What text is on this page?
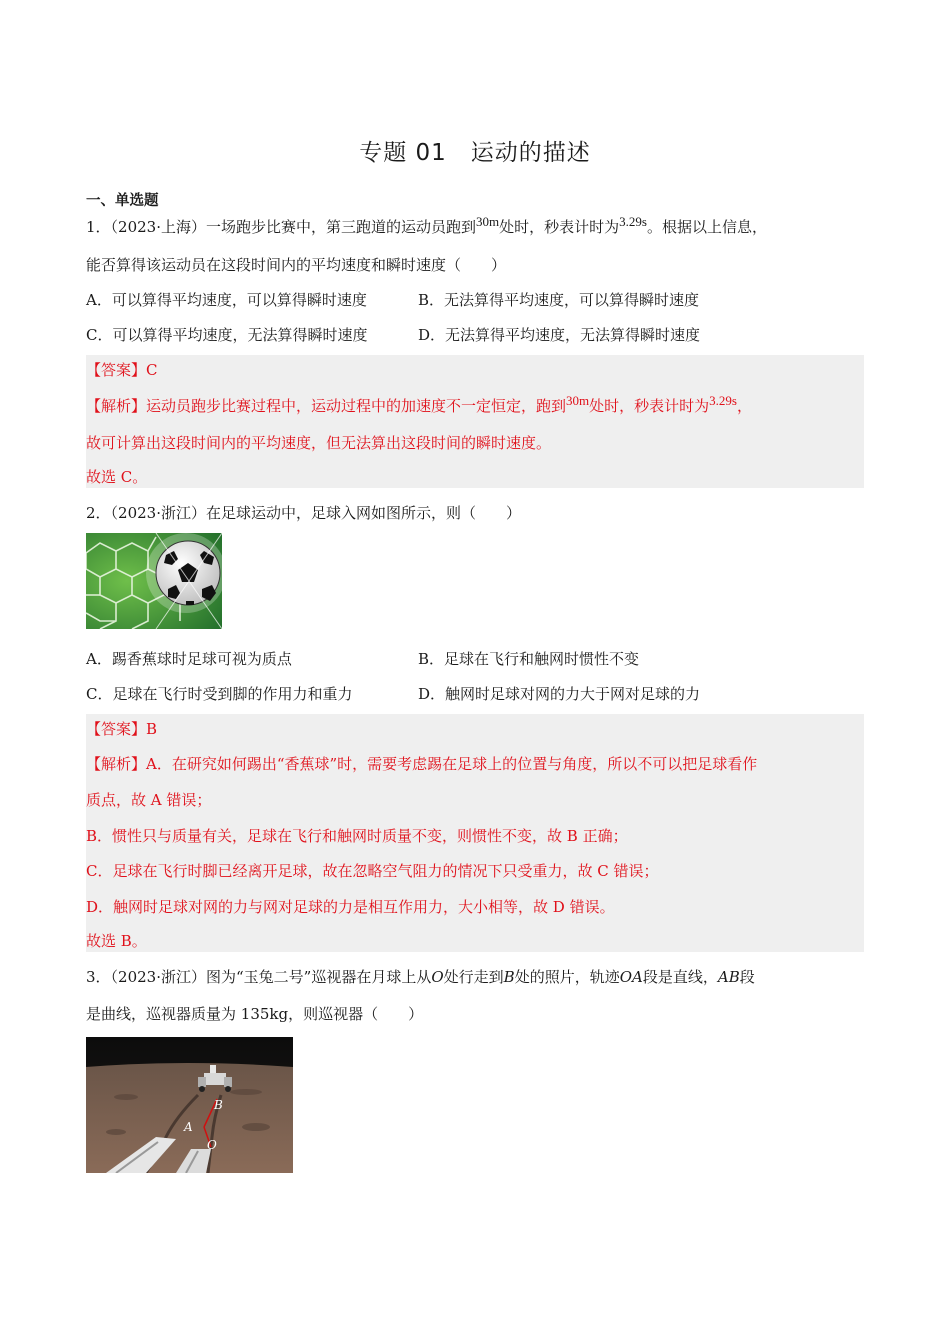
专题 01　运动的描述
一、单选题
1．（2023·上海）一场跑步比赛中，第三跑道的运动员跑到30m处时，秒表计时为3.29s。根据以上信息，
能否算得该运动员在这段时间内的平均速度和瞬时速度（　　）
A．可以算得平均速度，可以算得瞬时速度	B．无法算得平均速度，可以算得瞬时速度
C．可以算得平均速度，无法算得瞬时速度	D．无法算得平均速度，无法算得瞬时速度
【答案】C
【解析】运动员跑步比赛过程中，运动过程中的加速度不一定恒定，跑到30m处时，秒表计时为3.29s，
故可计算出这段时间内的平均速度，但无法算出这段时间的瞬时速度。
故选 C。
2．（2023·浙江）在足球运动中，足球入网如图所示，则（　　）
A．踢香蕉球时足球可视为质点	B．足球在飞行和触网时惯性不变
C．足球在飞行时受到脚的作用力和重力	D．触网时足球对网的力大于网对足球的力
【答案】B
【解析】A．在研究如何踢出“香蕉球”时，需要考虑踢在足球上的位置与角度，所以不可以把足球看作
质点，故 A 错误；
B．惯性只与质量有关，足球在飞行和触网时质量不变，则惯性不变，故 B 正确；
C．足球在飞行时脚已经离开足球，故在忽略空气阻力的情况下只受重力，故 C 错误；
D．触网时足球对网的力与网对足球的力是相互作用力，大小相等，故 D 错误。
故选 B。
3．（2023·浙江）图为“玉兔二号”巡视器在月球上从O处行走到B处的照片，轨迹OA段是直线，AB段
是曲线，巡视器质量为 135kg，则巡视器（　　）
B
A
O
